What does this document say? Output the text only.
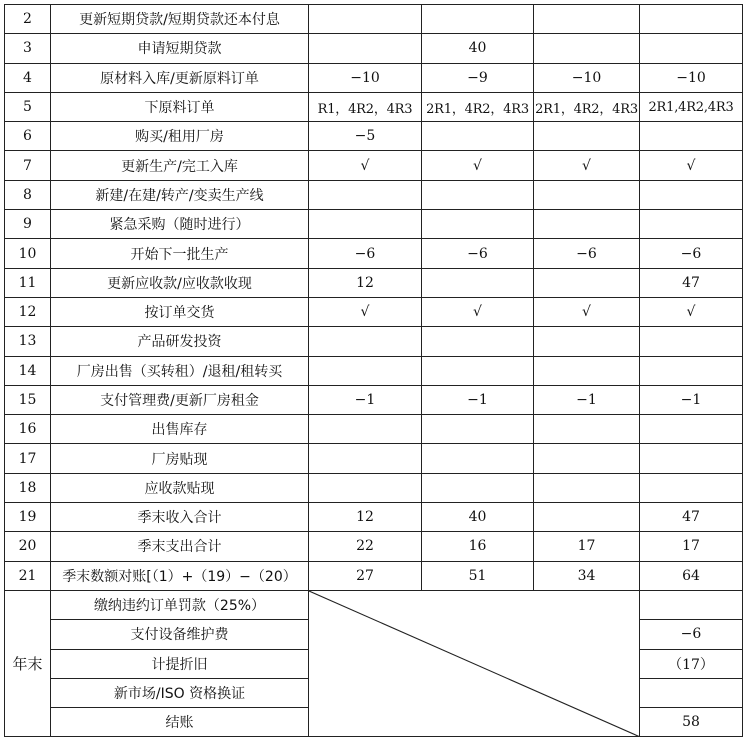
2	更新短期贷款/短期贷款还本付息				
3	申请短期贷款		40		
4	原材料入库/更新原料订单	−10	−9	−10	−10
5	下原料订单	R1，4R2，4R3	2R1，4R2，4R3	2R1，4R2，4R3	2R1,4R2,4R3
6	购买/租用厂房	−5			
7	更新生产/完工入库	√	√	√	√
8	新建/在建/转产/变卖生产线				
9	紧急采购（随时进行）				
10	开始下一批生产	−6	−6	−6	−6
11	更新应收款/应收款收现	12			47
12	按订单交货	√	√	√	√
13	产品研发投资				
14	厂房出售（买转租）/退租/租转买				
15	支付管理费/更新厂房租金	−1	−1	−1	−1
16	出售库存				
17	厂房贴现				
18	应收款贴现				
19	季末收入合计	12	40		47
20	季末支出合计	22	16	17	17
21	季末数额对账[（1）+（19）−（20）	27	51	34	64
年末	缴纳违约订单罚款（25%）	

	支付设备维护费				−6
	计提折旧				（17）
	新市场/ISO 资格换证				
	结账				58
